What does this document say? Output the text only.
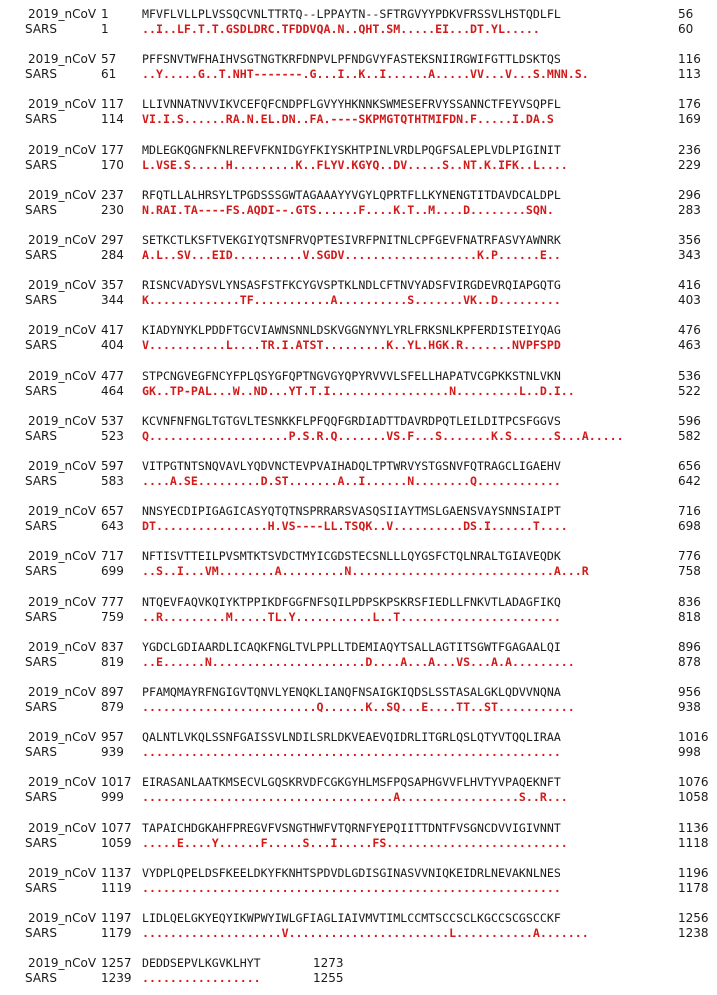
2019_nCoV 1	MFVFLVLLPLVSSQCVNLTTRTQ--LPPAYTN--SFTRGVYYPDKVFRSSVLHSTQDLFL	56
SARS	1	..I..LF.T.T.GSDLDRC.TFDDVQA.N..QHT.SM.....EI...DT.YL.....	60
2019_nCoV 57 PFFSNVTWFHAIHVSGTNGTKRFDNPVLPFNDGVYFASTEKSNIIRGWIFGTTLDSKTQS	116
SARS	61 ..Y.....G..T.NHT-------.G...I..K..I......A.....VV...V...S.MNN.S.	113
2019_nCoV 117 LLIVNNATNVVIKVCEFQFCNDPFLGVYYHKNNKSWMESEFRVYSSANNCTFEYVSQPFL	176
SARS	114 VI.I.S......RA.N.EL.DN..FA.----SKPMGTQTHTMIFDN.F.....I.DA.S	169
2019_nCoV 177 MDLEGKQGNFKNLREFVFKNIDGYFKIYSKHTPINLVRDLPQGFSALEPLVDLPIGINIT	236
SARS	170 L.VSE.S.....H.........K..FLYV.KGYQ..DV.....S..NT.K.IFK..L....	229
2019_nCoV 237 RFQTLLALHRSYLTPGDSSSGWTAGAAAYYVGYLQPRTFLLKYNENGTITDAVDCALDPL	296
SARS	230 N.RAI.TA----FS.AQDI--.GTS......F....K.T..M....D........SQN.	283
2019_nCoV 297 SETKCTLKSFTVEKGIYQTSNFRVQPTESIVRFPNITNLCPFGEVFNATRFASVYAWNRK	356
SARS	284 A.L..SV...EID..........V.SGDV...................K.P......E..	343
2019_nCoV 357 RISNCVADYSVLYNSASFSTFKCYGVSPTKLNDLCFTNVYADSFVIRGDEVRQIAPGQTG	416
SARS	344 K.............TF...........A..........S.......VK..D.........	403
2019_nCoV 417 KIADYNYKLPDDFTGCVIAWNSNNLDSKVGGNYNYLYRLFRKSNLKPFERDISTEIYQAG	476
SARS	404 V...........L....TR.I.ATST.........K..YL.HGK.R.......NVPFSPD	463
2019_nCoV 477 STPCNGVEGFNCYFPLQSYGFQPTNGVGYQPYRVVVLSFELLHAPATVCGPKKSTNLVKN	536
SARS	464 GK..TP-PAL...W..ND...YT.T.I.................N.........L..D.I..	522
2019_nCoV 537 KCVNFNFNGLTGTGVLTESNKKFLPFQQFGRDIADTTDAVRDPQTLEILDITPCSFGGVS	596
SARS	523 Q....................P.S.R.Q.......VS.F...S.......K.S......S...A.....	582
2019_nCoV 597 VITPGTNTSNQVAVLYQDVNCTEVPVAIHADQLTPTWRVYSTGSNVFQTRAGCLIGAEHV	656
SARS	583 ....A.SE.........D.ST.......A..I......N........Q............	642
2019_nCoV 657 NNSYECDIPIGAGICASYQTQTNSPRRARSVASQSIIAYTMSLGAENSVAYSNNSIAIPT	716
SARS	643 DT................H.VS----LL.TSQK..V..........DS.I......T....	698
2019_nCoV 717 NFTISVTTEILPVSMTKTSVDCTMYICGDSTECSNLLLQYGSFCTQLNRALTGIAVEQDK	776
SARS	699 ..S..I...VM........A.........N.............................A...R	758
2019_nCoV 777 NTQEVFAQVKQIYKTPPIKDFGGFNFSQILPDPSKPSKRSFIEDLLFNKVTLADAGFIKQ	836
SARS	759 ..R.........M.....TL.Y...........L..T.......................	818
2019_nCoV 837 YGDCLGDIAARDLICAQKFNGLTVLPPLLTDEMIAQYTSALLAGTITSGWTFGAGAALQI	896
SARS	819 ..E......N......................D....A...A...VS...A.A.........	878
2019_nCoV 897 PFAMQMAYRFNGIGVTQNVLYENQKLIANQFNSAIGKIQDSLSSTASALGKLQDVVNQNA	956
SARS	879 .........................Q......K..SQ...E....TT..ST...........	938
2019_nCoV 957 QALNTLVKQLSSNFGAISSVLNDILSRLDKVEAEVQIDRLITGRLQSLQTYVTQQLIRAA	1016
SARS	939 ............................................................	998
2019_nCoV 1017 EIRASANLAATKMSECVLGQSKRVDFCGKGYHLMSFPQSAPHGVVFLHVTYVPAQEKNFT	1076
SARS	999 ....................................A.................S..R...	1058
2019_nCoV 1077 TAPAICHDGKAHFPREGVFVSNGTHWFVTQRNFYEPQIITTDNTFVSGNCDVVIGIVNNT	1136
SARS	1059 .....E....Y......F.....S...I.....FS..........................	1118
2019_nCoV 1137 VYDPLQPELDSFKEELDKYFKNHTSPDVDLGDISGINASVVNIQKEIDRLNEVAKNLNES	1196
SARS	1119 ............................................................	1178
2019_nCoV 1197 LIDLQELGKYEQYIKWPWYIWLGFIAGLIAIVMVTIMLCCMTSCCSCLKGCCSCGSCCKF	1256
SARS	1179 ....................V.......................L...........A.......	1238
2019_nCoV 1257 DEDDSEPVLKGVKLHYT	1273
SARS	1239 .................	1255
